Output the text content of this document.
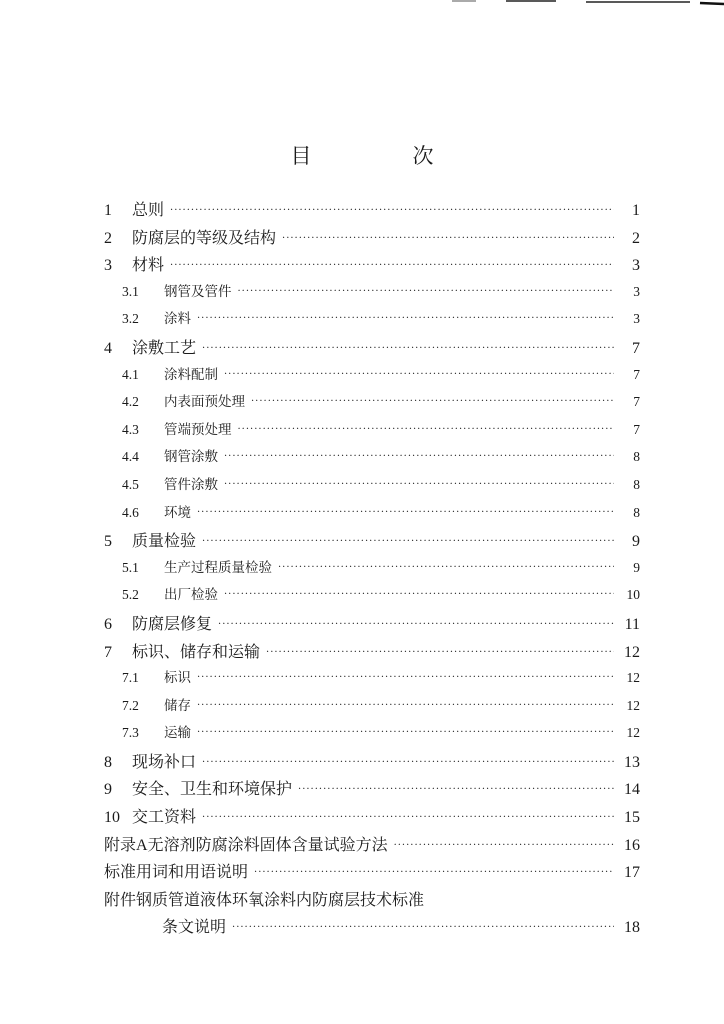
目　次
1	总则 ·····	1
2	防腐层的等级及结构 ·····	2
3	材料 ·····	3
3.1	钢管及管件 ·····	3
3.2	涂料 ·····	3
4	涂敷工艺 ·····	7
4.1	涂料配制 ·····	7
4.2	内表面预处理 ·····	7
4.3	管端预处理 ·····	7
4.4	钢管涂敷 ·····	8
4.5	管件涂敷 ·····	8
4.6	环境 ·····	8
5	质量检验 ·····	9
5.1	生产过程质量检验 ·····	9
5.2	出厂检验 ·····	10
6	防腐层修复 ·····	11
7	标识、储存和运输 ·····	12
7.1	标识 ·····	12
7.2	储存 ·····	12
7.3	运输 ·····	12
8	现场补口 ·····	13
9	安全、卫生和环境保护 ·····	14
10 交工资料 ·····	15
附录A 无溶剂防腐涂料固体含量试验方法 ·····	16
标准用词和用语说明 ·····	17
附件 钢质管道液体环氧涂料内防腐层技术标准
条文说明 ·····	18
